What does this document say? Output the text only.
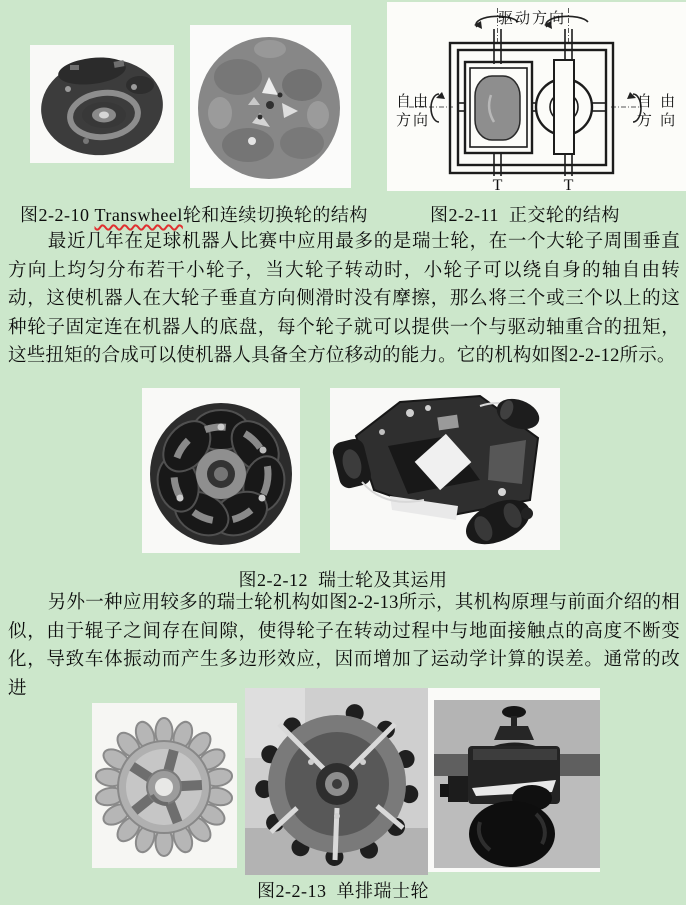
驱动方向
自由
方向
自 由
方 向
T	T
图2-2-10 Transwheel轮和连续切换轮的结构	图2-2-11  正交轮的结构

最近几年在足球机器人比赛中应用最多的是瑞士轮，在一个大轮子周围垂直方向上均匀分布若干小轮子，当大轮子转动时，小轮子可以绕自身的轴自由转动，这使机器人在大轮子垂直方向侧滑时没有摩擦，那么将三个或三个以上的这种轮子固定连在机器人的底盘，每个轮子就可以提供一个与驱动轴重合的扭矩，这些扭矩的合成可以使机器人具备全方位移动的能力。它的机构如图2-2-12所示。

图2-2-12  瑞士轮及其运用

另外一种应用较多的瑞士轮机构如图2-2-13所示，其机构原理与前面介绍的相似，由于辊子之间存在间隙，使得轮子在转动过程中与地面接触点的高度不断变化，导致车体振动而产生多边形效应，因而增加了运动学计算的误差。通常的改进

图2-2-13  单排瑞士轮
